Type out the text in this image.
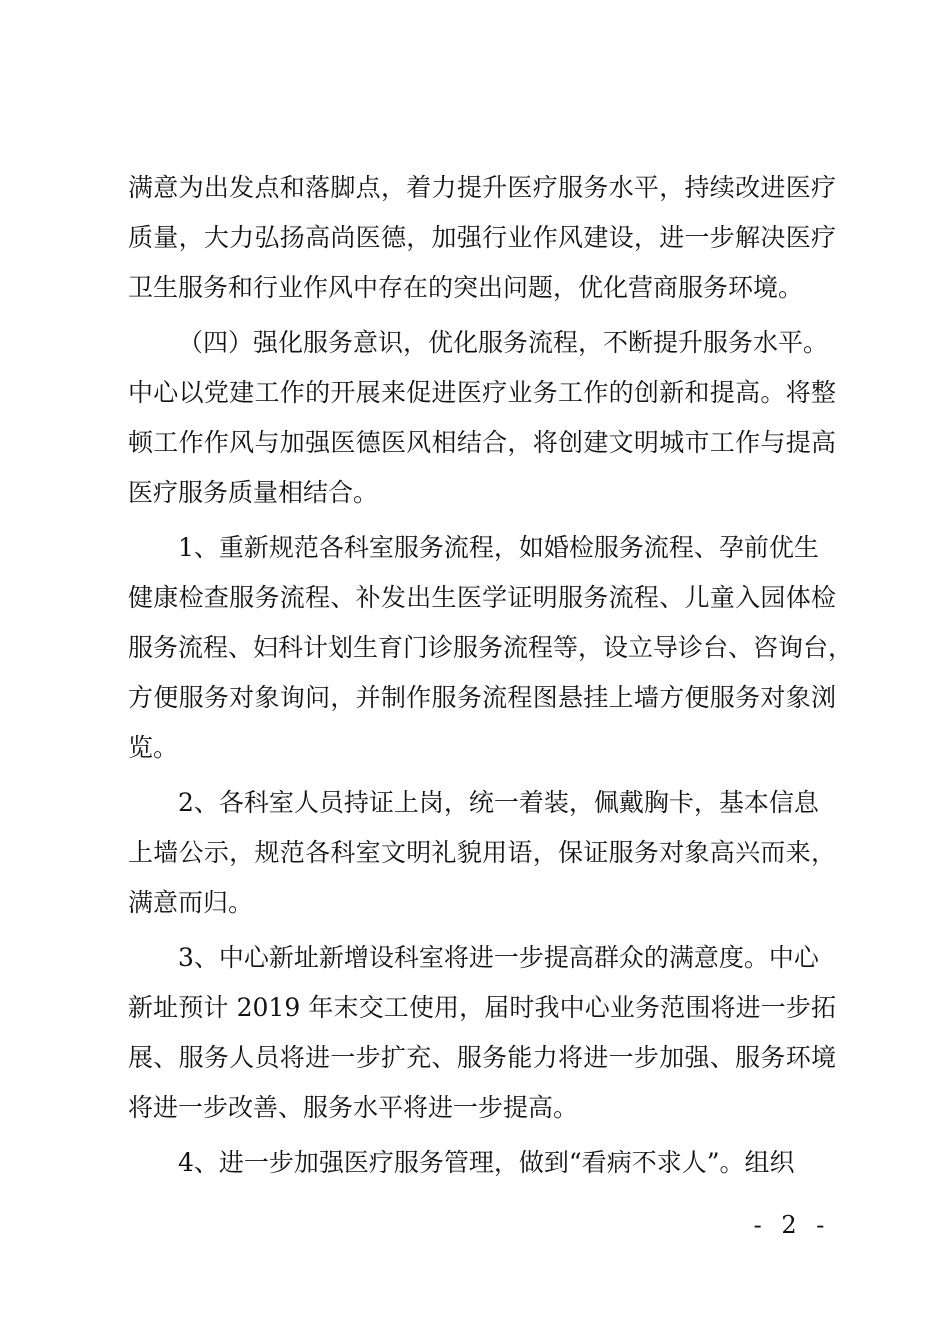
满意为出发点和落脚点，着力提升医疗服务水平，持续改进医疗
质量，大力弘扬高尚医德，加强行业作风建设，进一步解决医疗
卫生服务和行业作风中存在的突出问题，优化营商服务环境。
（四）强化服务意识，优化服务流程，不断提升服务水平。
中心以党建工作的开展来促进医疗业务工作的创新和提高。将整
顿工作作风与加强医德医风相结合，将创建文明城市工作与提高
医疗服务质量相结合。
1、重新规范各科室服务流程，如婚检服务流程、孕前优生
健康检查服务流程、补发出生医学证明服务流程、儿童入园体检
服务流程、妇科计划生育门诊服务流程等，设立导诊台、咨询台，
方便服务对象询问，并制作服务流程图悬挂上墙方便服务对象浏
览。
2、各科室人员持证上岗，统一着装，佩戴胸卡，基本信息
上墙公示，规范各科室文明礼貌用语，保证服务对象高兴而来，
满意而归。
3、中心新址新增设科室将进一步提高群众的满意度。中心
新址预计 2019 年末交工使用，届时我中心业务范围将进一步拓
展、服务人员将进一步扩充、服务能力将进一步加强、服务环境
将进一步改善、服务水平将进一步提高。
4、进一步加强医疗服务管理，做到“看病不求人”。组织
- 2 -
